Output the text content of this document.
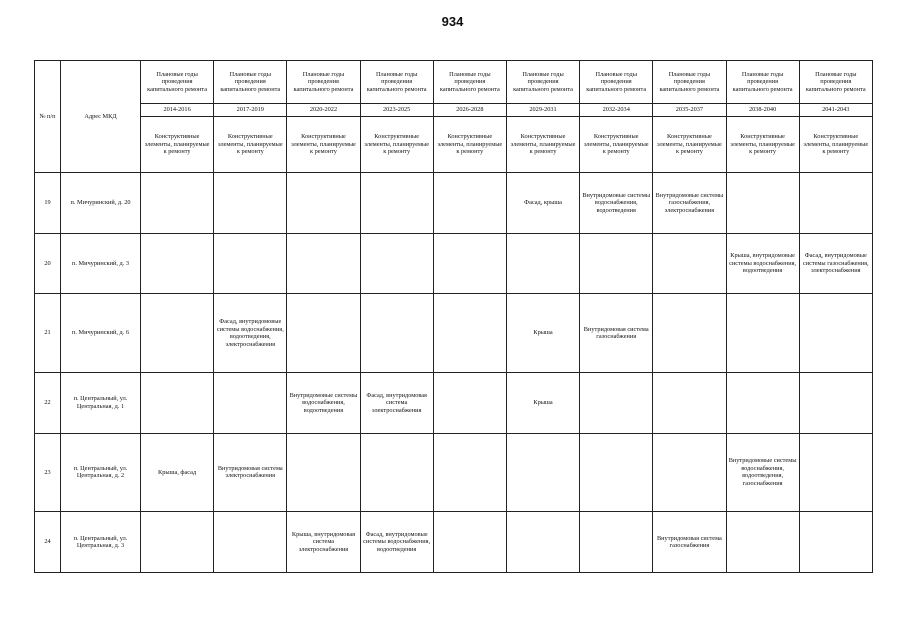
934
№ п/п	Адрес МКД	Плановые годы проведения капитального ремонта	Плановые годы проведения капитального ремонта	Плановые годы проведения капитального ремонта	Плановые годы проведения капитального ремонта	Плановые годы проведения капитального ремонта	Плановые годы проведения капитального ремонта	Плановые годы проведения капитального ремонта	Плановые годы проведения капитального ремонта	Плановые годы проведения капитального ремонта	Плановые годы проведения капитального ремонта
		2014-2016	2017-2019	2020-2022	2023-2025	2026-2028	2029-2031	2032-2034	2035-2037	2038-2040	2041-2043
		Конструктивные элементы, планируемые к ремонту	Конструктивные элементы, планируемые к ремонту	Конструктивные элементы, планируемые к ремонту	Конструктивные элементы, планируемые к ремонту	Конструктивные элементы, планируемые к ремонту	Конструктивные элементы, планируемые к ремонту	Конструктивные элементы, планируемые к ремонту	Конструктивные элементы, планируемые к ремонту	Конструктивные элементы, планируемые к ремонту	Конструктивные элементы, планируемые к ремонту
19	п. Мичуринский, д. 20						Фасад, крыша	Внутридомовые системы водоснабжения, водоотведения	Внутридомовые системы газоснабжения, электроснабжения		
20	п. Мичуринский, д. 3									Крыша, внутридомовые системы водоснабжения, водоотведения	Фасад, внутридомовые системы газоснабжения, электроснабжения
21	п. Мичуринский, д. 6		Фасад, внутридомовые системы водоснабжения, водоотведения, электроснабжения				Крыша	Внутридомовая система газоснабжения			
22	п. Центральный, ул. Центральная, д. 1			Внутридомовые системы водоснабжения, водоотведения	Фасад, внутридомовая система электроснабжения		Крыша				
23	п. Центральный, ул. Центральная, д. 2	Крыша, фасад	Внутридомовая система электроснабжения							Внутридомовые системы водоснабжения, водоотведения, газоснабжения	
24	п. Центральный, ул. Центральная, д. 3			Крыша, внутридомовая система электроснабжения	Фасад, внутридомовые системы водоснабжения, водоотведения				Внутридомовая система газоснабжения		
